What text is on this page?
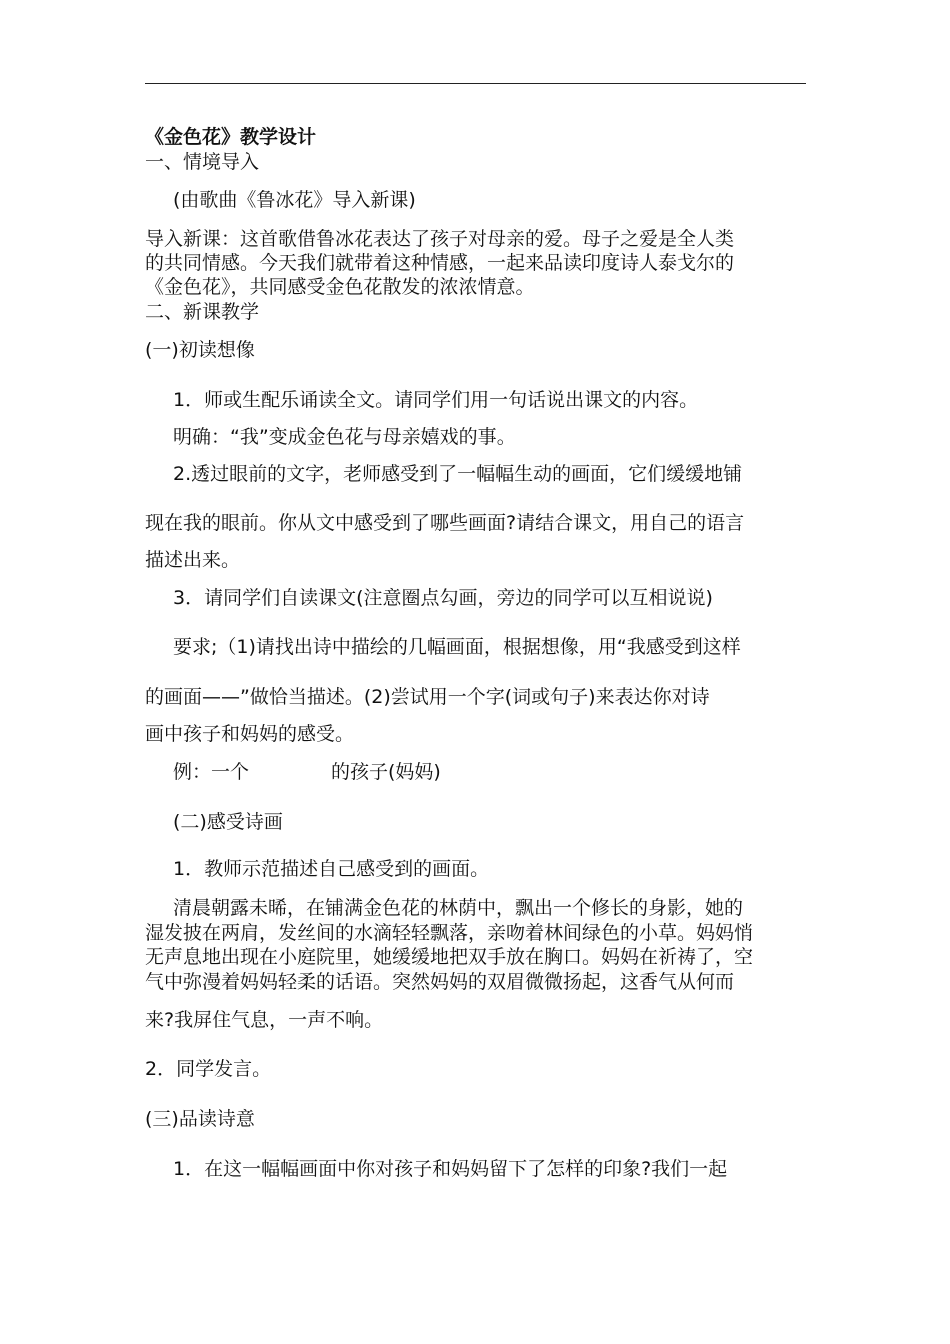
《金色花》教学设计
一、情境导入
(由歌曲《鲁冰花》导入新课)
导入新课：这首歌借鲁冰花表达了孩子对母亲的爱。母子之爱是全人类
的共同情感。今天我们就带着这种情感，一起来品读印度诗人泰戈尔的
《金色花》，共同感受金色花散发的浓浓情意。
二、新课教学
(一)初读想像
1．师或生配乐诵读全文。请同学们用一句话说出课文的内容。
明确：“我”变成金色花与母亲嬉戏的事。
2.透过眼前的文字，老师感受到了一幅幅生动的画面，它们缓缓地铺
现在我的眼前。你从文中感受到了哪些画面?请结合课文，用自己的语言
描述出来。
3．请同学们自读课文(注意圈点勾画，旁边的同学可以互相说说)
要求;（1)请找出诗中描绘的几幅画面，根据想像，用“我感受到这样
的画面——”做恰当描述。(2)尝试用一个字(词或句子)来表达你对诗
画中孩子和妈妈的感受。
例：一个	的孩子(妈妈)
(二)感受诗画
1．教师示范描述自己感受到的画面。
清晨朝露未晞，在铺满金色花的林荫中，飘出一个修长的身影，她的
湿发披在两肩，发丝间的水滴轻轻飘落，亲吻着林间绿色的小草。妈妈悄
无声息地出现在小庭院里，她缓缓地把双手放在胸口。妈妈在祈祷了，空
气中弥漫着妈妈轻柔的话语。突然妈妈的双眉微微扬起，这香气从何而
来?我屏住气息，一声不响。
2．同学发言。
(三)品读诗意
1．在这一幅幅画面中你对孩子和妈妈留下了怎样的印象?我们一起
